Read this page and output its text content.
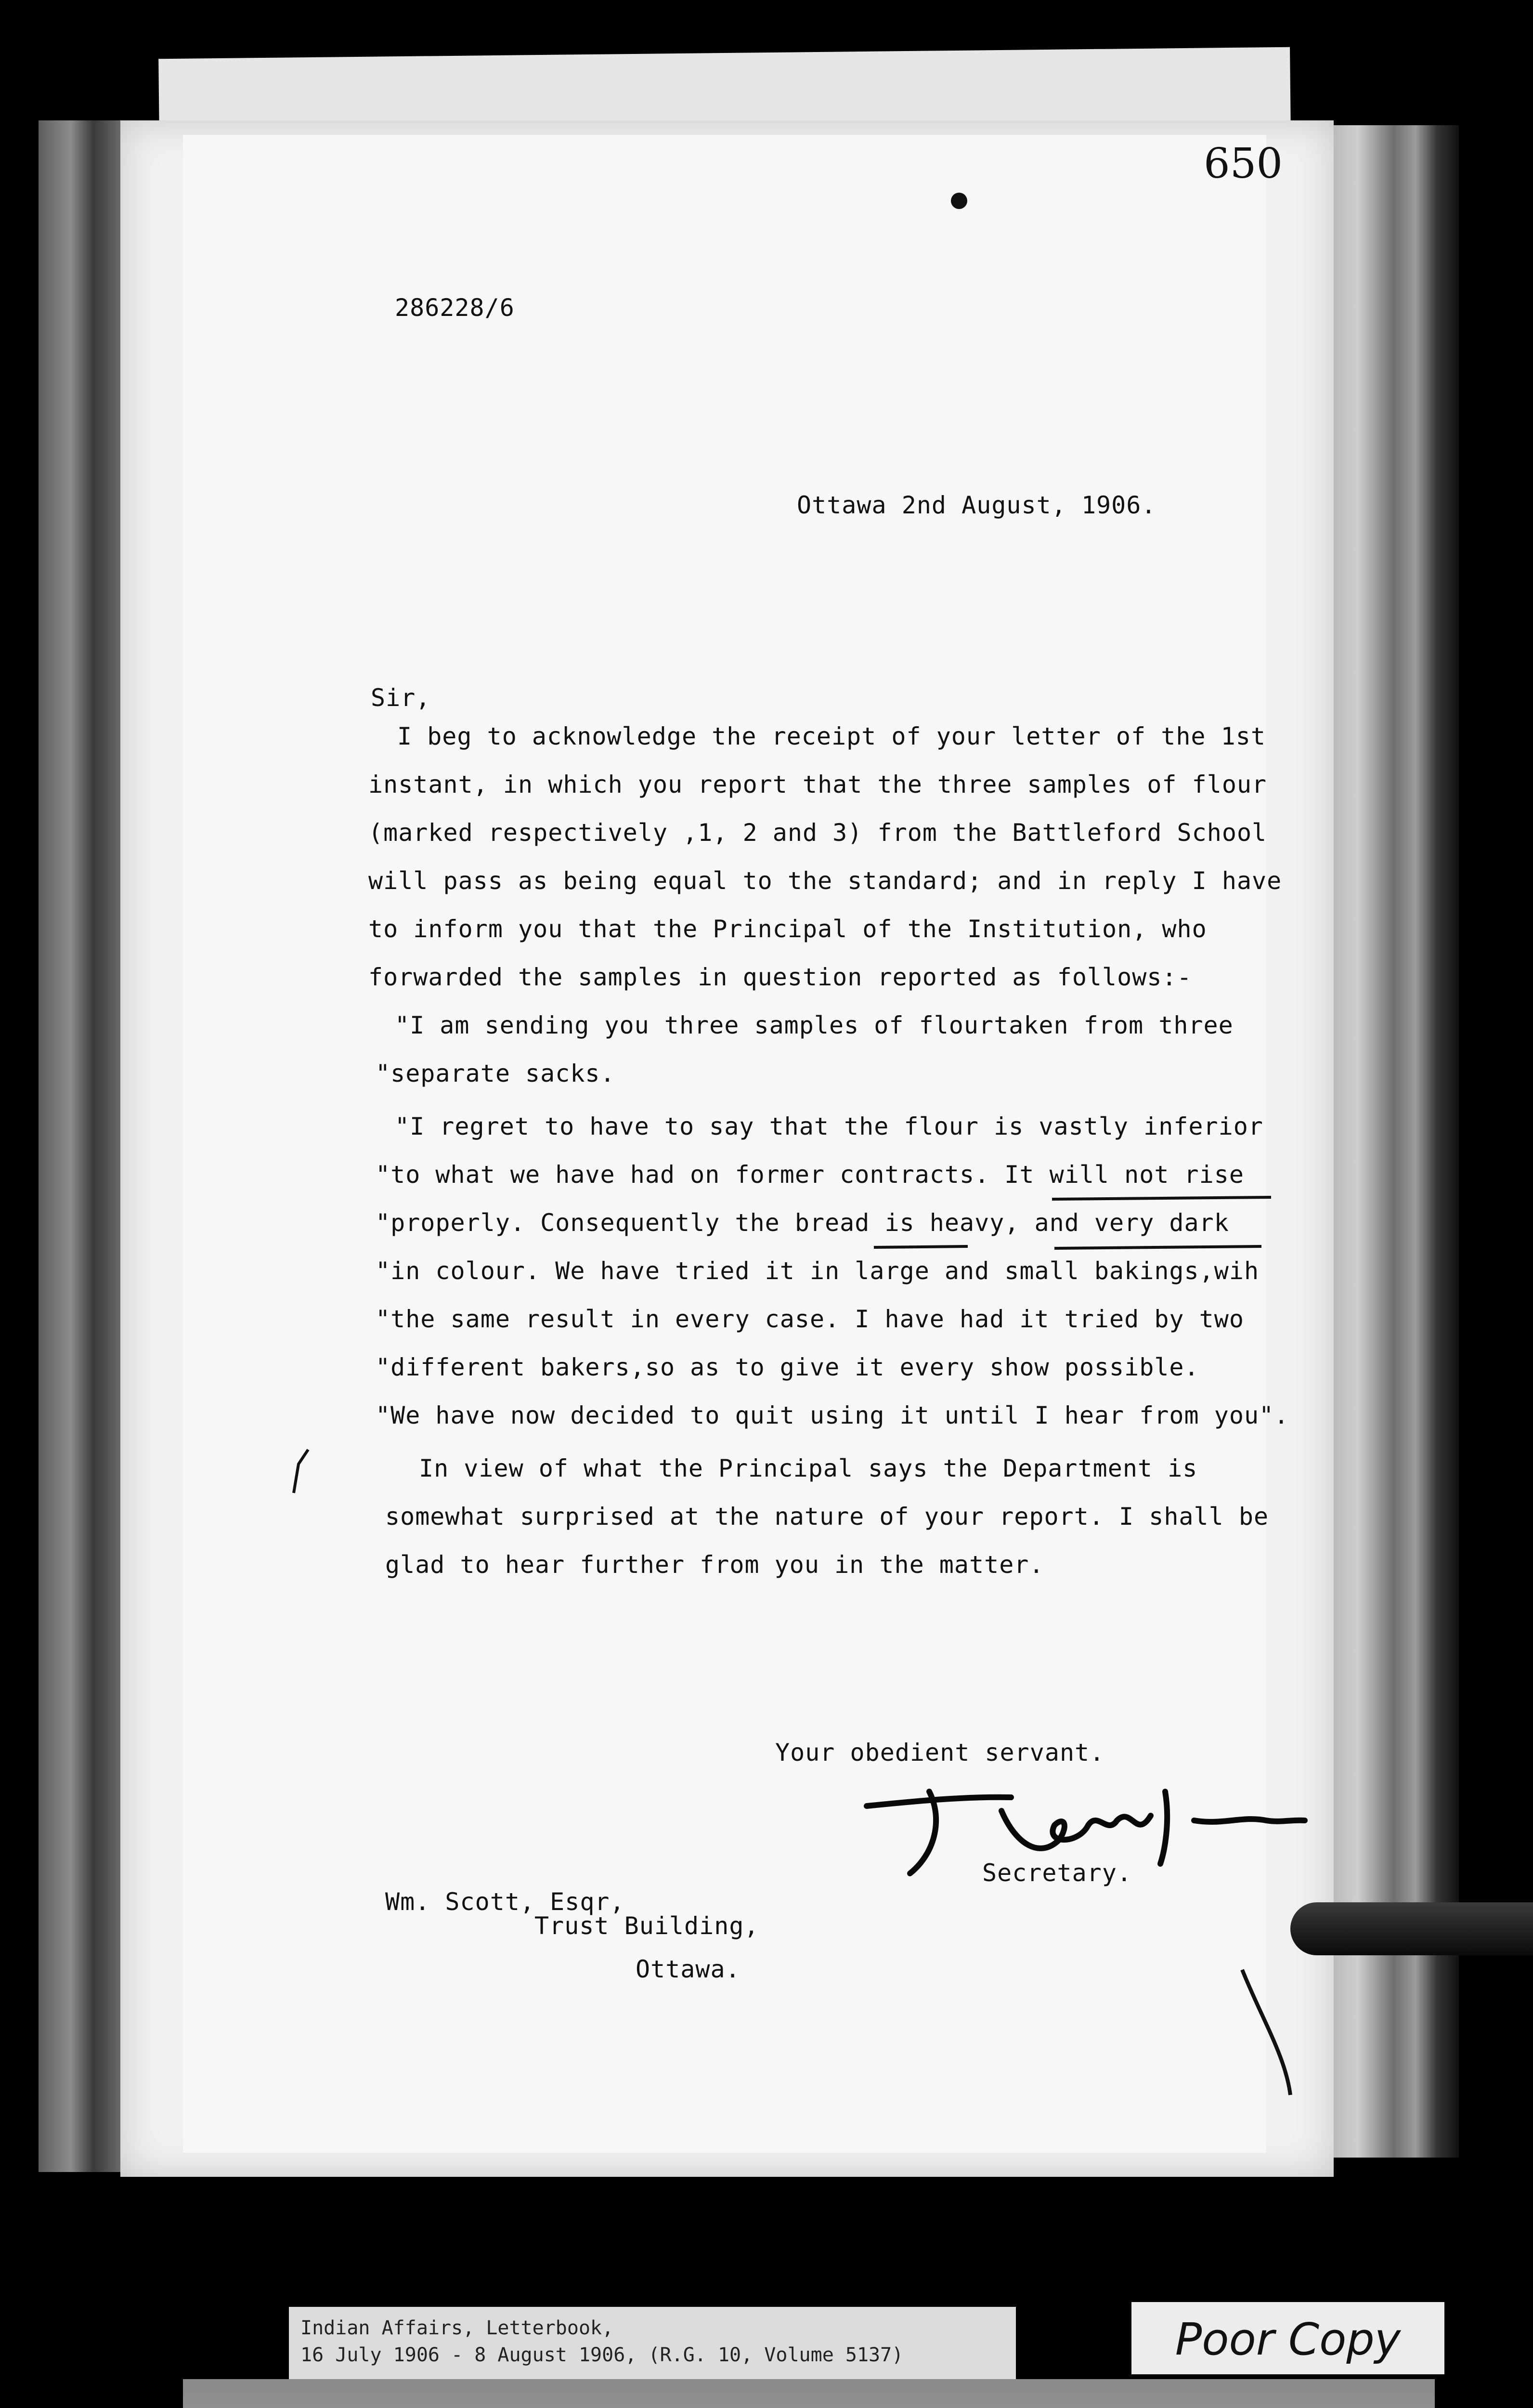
650
286228/6
Ottawa 2nd August, 1906.
Sir,
I beg to acknowledge the receipt of your letter of the 1st
instant, in which you report that the three samples of flour
(marked respectively ,1, 2 and 3) from the Battleford School
will pass as being equal to the standard; and in reply I have
to inform you that the Principal of the Institution, who
forwarded the samples in question reported as follows:-
"I am sending you three samples of flourtaken from three
"separate sacks.
"I regret to have to say that the flour is vastly inferior
"to what we have had on former contracts. It will not rise
"properly. Consequently the bread is heavy, and very dark
"in colour. We have tried it in large and small bakings,wih
"the same result in every case. I have had it tried by two
"different bakers,so as to give it every show possible.
"We have now decided to quit using it until I hear from you".
In view of what the Principal says the Department is
somewhat surprised at the nature of your report. I shall be
glad to hear further from you in the matter.
Your obedient servant.
Secretary.
Wm. Scott, Esqr,
Trust Building,
Ottawa.
Indian Affairs, Letterbook,
16 July 1906 - 8 August 1906, (R.G. 10, Volume 5137)	Poor Copy
